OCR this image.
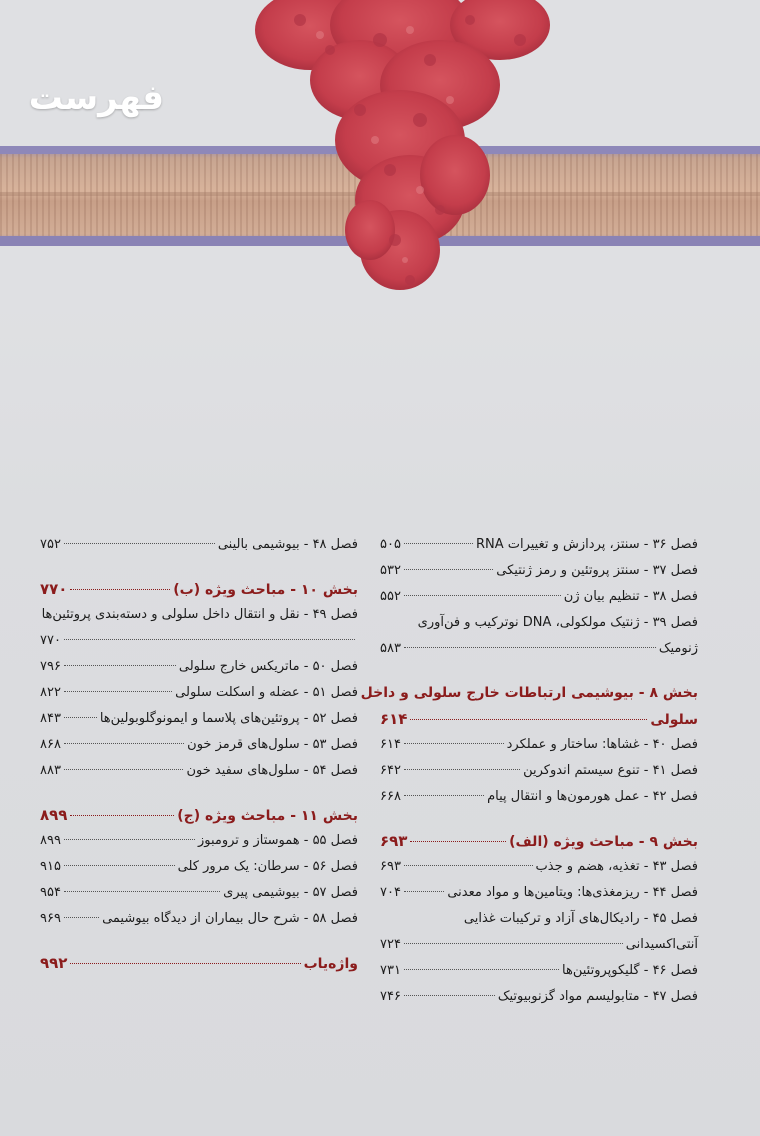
فهرست
فصل ۳۶ - سنتز، پردازش و تغییرات RNA
۵۰۵
فصل ۳۷ - سنتز پروتئین و رمز ژنتیکی
۵۳۲
فصل ۳۸ - تنظیم بیان ژن
۵۵۲
فصل ۳۹ - ژنتیک مولکولی، DNA نوترکیب و فن‌آوری
ژنومیک
۵۸۳
بخش ۸ - بیوشیمی ارتباطات خارج سلولی و داخل
سلولی
۶۱۴
فصل ۴۰ - غشاها: ساختار و عملکرد
۶۱۴
فصل ۴۱ - تنوع سیستم اندوکرین
۶۴۲
فصل ۴۲ - عمل هورمون‌ها و انتقال پیام
۶۶۸
بخش ۹ - مباحث ویژه (الف)
۶۹۳
فصل ۴۳ - تغذیه، هضم و جذب
۶۹۳
فصل ۴۴ - ریزمغذی‌ها: ویتامین‌ها و مواد معدنی
۷۰۴
فصل ۴۵ - رادیکال‌های آزاد و ترکیبات غذایی
آنتی‌اکسیدانی
۷۲۴
فصل ۴۶ - گلیکوپروتئین‌ها
۷۳۱
فصل ۴۷ - متابولیسم مواد گزنوبیوتیک
۷۴۶
فصل ۴۸ - بیوشیمی بالینی
۷۵۲
بخش ۱۰ - مباحث ویژه (ب)
۷۷۰
فصل ۴۹ - نقل و انتقال داخل سلولی و دسته‌بندی پروتئین‌ها
۷۷۰
فصل ۵۰ - ماتریکس خارج سلولی
۷۹۶
فصل ۵۱ - عضله و اسکلت سلولی
۸۲۲
فصل ۵۲ - پروتئین‌های پلاسما و ایمونوگلوبولین‌ها
۸۴۳
فصل ۵۳ - سلول‌های قرمز خون
۸۶۸
فصل ۵۴ - سلول‌های سفید خون
۸۸۳
بخش ۱۱ - مباحث ویژه (ج)
۸۹۹
فصل ۵۵ - هموستاز و ترومبوز
۸۹۹
فصل ۵۶ - سرطان: یک مرور کلی
۹۱۵
فصل ۵۷ - بیوشیمی پیری
۹۵۴
فصل ۵۸ - شرح حال بیماران از دیدگاه بیوشیمی
۹۶۹
واژه‌یاب
۹۹۲
